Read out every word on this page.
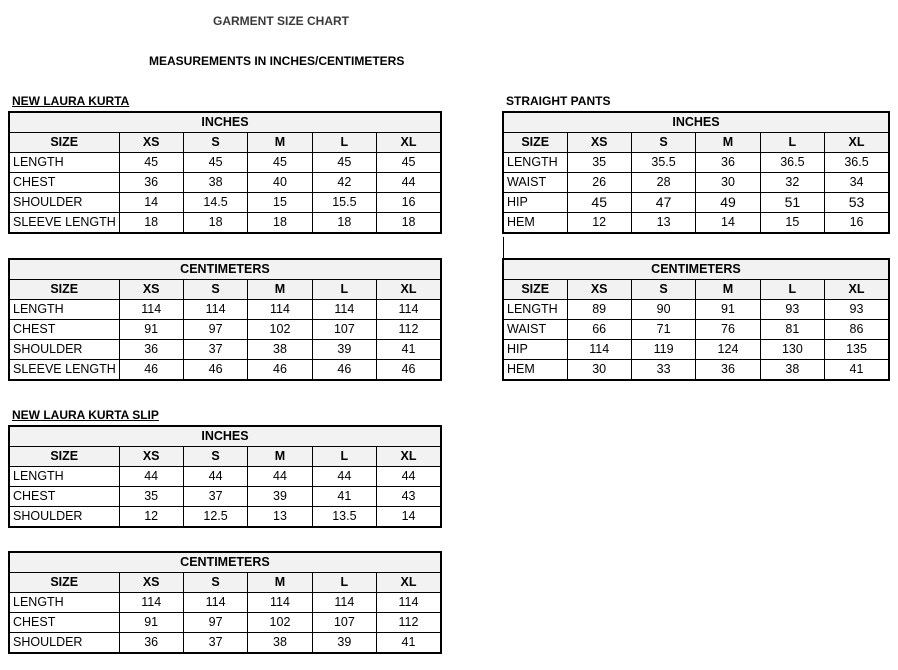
GARMENT SIZE CHART
MEASUREMENTS IN INCHES/CENTIMETERS
NEW LAURA KURTA	STRAIGHT PANTS
NEW LAURA KURTA SLIP
INCHES					
SIZE	XS	S	M	L	XL
LENGTH	45	45	45	45	45
CHEST	36	38	40	42	44
SHOULDER	14	14.5	15	15.5	16
SLEEVE LENGTH	18	18	18	18	18
CENTIMETERS					
SIZE	XS	S	M	L	XL
LENGTH	114	114	114	114	114
CHEST	91	97	102	107	112
SHOULDER	36	37	38	39	41
SLEEVE LENGTH	46	46	46	46	46
INCHES					
SIZE	XS	S	M	L	XL
LENGTH	35	35.5	36	36.5	36.5
WAIST	26	28	30	32	34
HIP	45	47	49	51	53
HEM	12	13	14	15	16
CENTIMETERS					
SIZE	XS	S	M	L	XL
LENGTH	89	90	91	93	93
WAIST	66	71	76	81	86
HIP	114	119	124	130	135
HEM	30	33	36	38	41
INCHES					
SIZE	XS	S	M	L	XL
LENGTH	44	44	44	44	44
CHEST	35	37	39	41	43
SHOULDER	12	12.5	13	13.5	14
CENTIMETERS					
SIZE	XS	S	M	L	XL
LENGTH	114	114	114	114	114
CHEST	91	97	102	107	112
SHOULDER	36	37	38	39	41
